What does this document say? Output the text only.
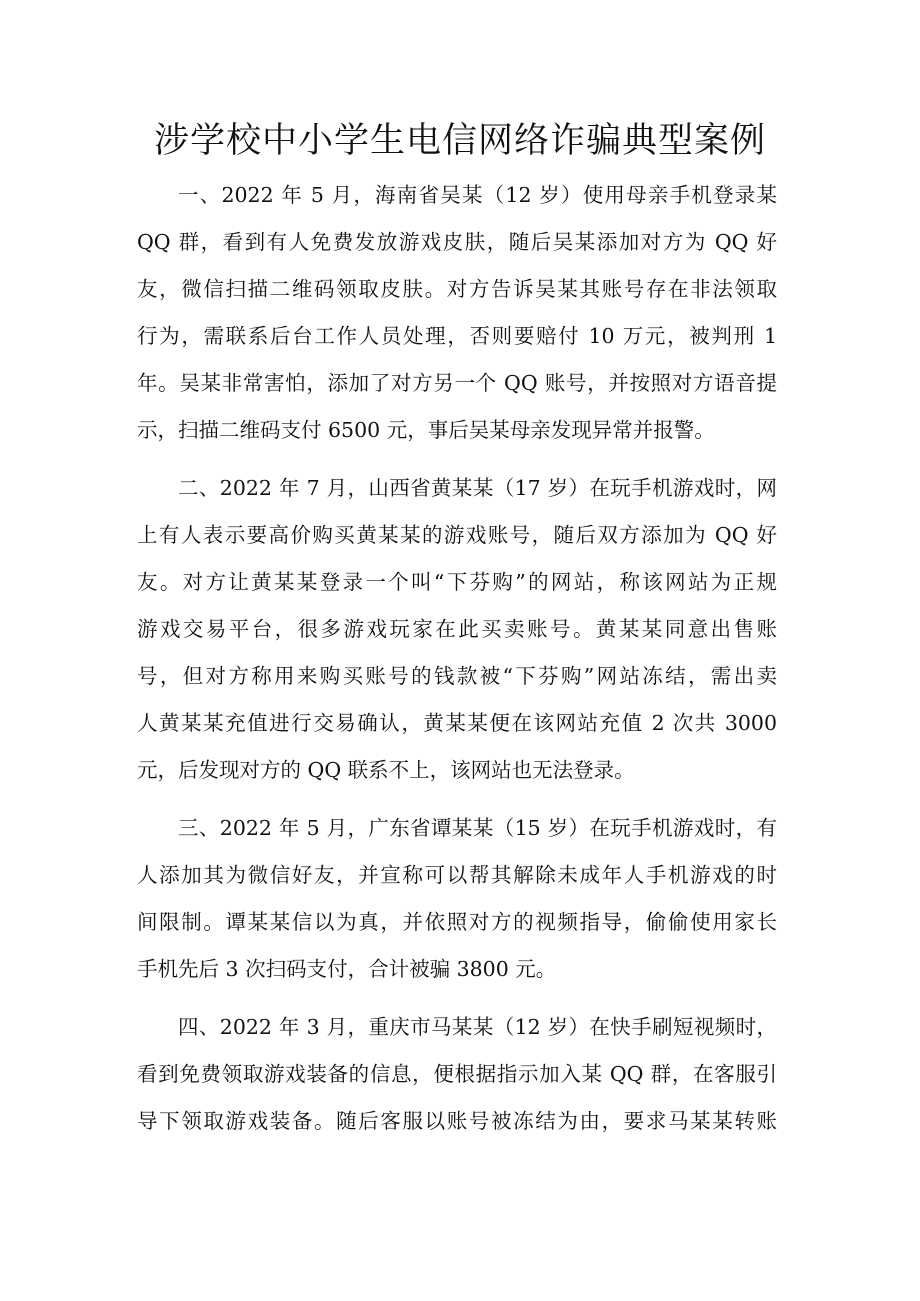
涉学校中小学生电信网络诈骗典型案例

一、2022 年 5 月，海南省吴某（12 岁）使用母亲手机登录某
QQ 群，看到有人免费发放游戏皮肤，随后吴某添加对方为 QQ 好
友，微信扫描二维码领取皮肤。对方告诉吴某其账号存在非法领取
行为，需联系后台工作人员处理，否则要赔付 10 万元，被判刑 1
年。吴某非常害怕，添加了对方另一个 QQ 账号，并按照对方语音提
示，扫描二维码支付 6500 元，事后吴某母亲发现异常并报警。

二、2022 年 7 月，山西省黄某某（17 岁）在玩手机游戏时，网
上有人表示要高价购买黄某某的游戏账号，随后双方添加为 QQ 好
友。对方让黄某某登录一个叫“下芬购”的网站，称该网站为正规
游戏交易平台，很多游戏玩家在此买卖账号。黄某某同意出售账
号，但对方称用来购买账号的钱款被“下芬购”网站冻结，需出卖
人黄某某充值进行交易确认，黄某某便在该网站充值 2 次共 3000
元，后发现对方的 QQ 联系不上，该网站也无法登录。

三、2022 年 5 月，广东省谭某某（15 岁）在玩手机游戏时，有
人添加其为微信好友，并宣称可以帮其解除未成年人手机游戏的时
间限制。谭某某信以为真，并依照对方的视频指导，偷偷使用家长
手机先后 3 次扫码支付，合计被骗 3800 元。

四、2022 年 3 月，重庆市马某某（12 岁）在快手刷短视频时，
看到免费领取游戏装备的信息，便根据指示加入某 QQ 群，在客服引
导下领取游戏装备。随后客服以账号被冻结为由，要求马某某转账
